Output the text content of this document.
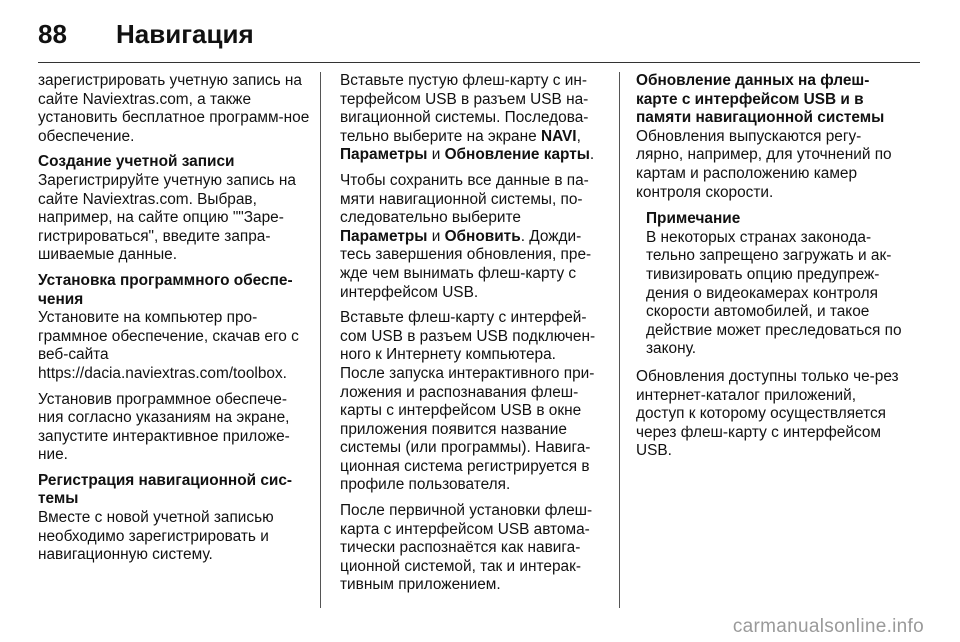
88	Навигация

зарегистрировать учетную запись на сайте Naviextras.com, а также установить бесплатное программ-ное обеспечение.

Создание учетной записи

Зарегистрируйте учетную запись на сайте Naviextras.com. Выбрав, например, на сайте опцию ""Заре-гистрироваться", введите запра-шиваемые данные.

Установка программного обеспе-чения

Установите на компьютер про-граммное обеспечение, скачав его с веб-сайта https://dacia.naviextras.com/toolbox.

Установив программное обеспече-ния согласно указаниям на экране, запустите интерактивное приложе-ние.

Регистрация навигационной сис-темы

Вместе с новой учетной записью необходимо зарегистрировать и навигационную систему.

Вставьте пустую флеш-карту с ин-терфейсом USB в разъем USB на-вигационной системы. Последова-тельно выберите на экране NAVI, Параметры и Обновление карты.

Чтобы сохранить все данные в па-мяти навигационной системы, по-следовательно выберите Параметры и Обновить. Дожди-тесь завершения обновления, пре-жде чем вынимать флеш-карту с интерфейсом USB.

Вставьте флеш-карту с интерфей-сом USB в разъем USB подключен-ного к Интернету компьютера. После запуска интерактивного при-ложения и распознавания флеш-карты с интерфейсом USB в окне приложения появится название системы (или программы). Навига-ционная система регистрируется в профиле пользователя.

После первичной установки флеш-карта с интерфейсом USB автома-тически распознаётся как навига-ционной системой, так и интерак-тивным приложением.

Обновление данных на флеш-карте с интерфейсом USB и в памяти навигационной системы

Обновления выпускаются регу-лярно, например, для уточнений по картам и расположению камер контроля скорости.

Примечание

В некоторых странах законода-тельно запрещено загружать и ак-тивизировать опцию предупреж-дения о видеокамерах контроля скорости автомобилей, и такое действие может преследоваться по закону.

Обновления доступны только че-рез интернет-каталог приложений, доступ к которому осуществляется через флеш-карту с интерфейсом USB.

carmanualsonline.info
